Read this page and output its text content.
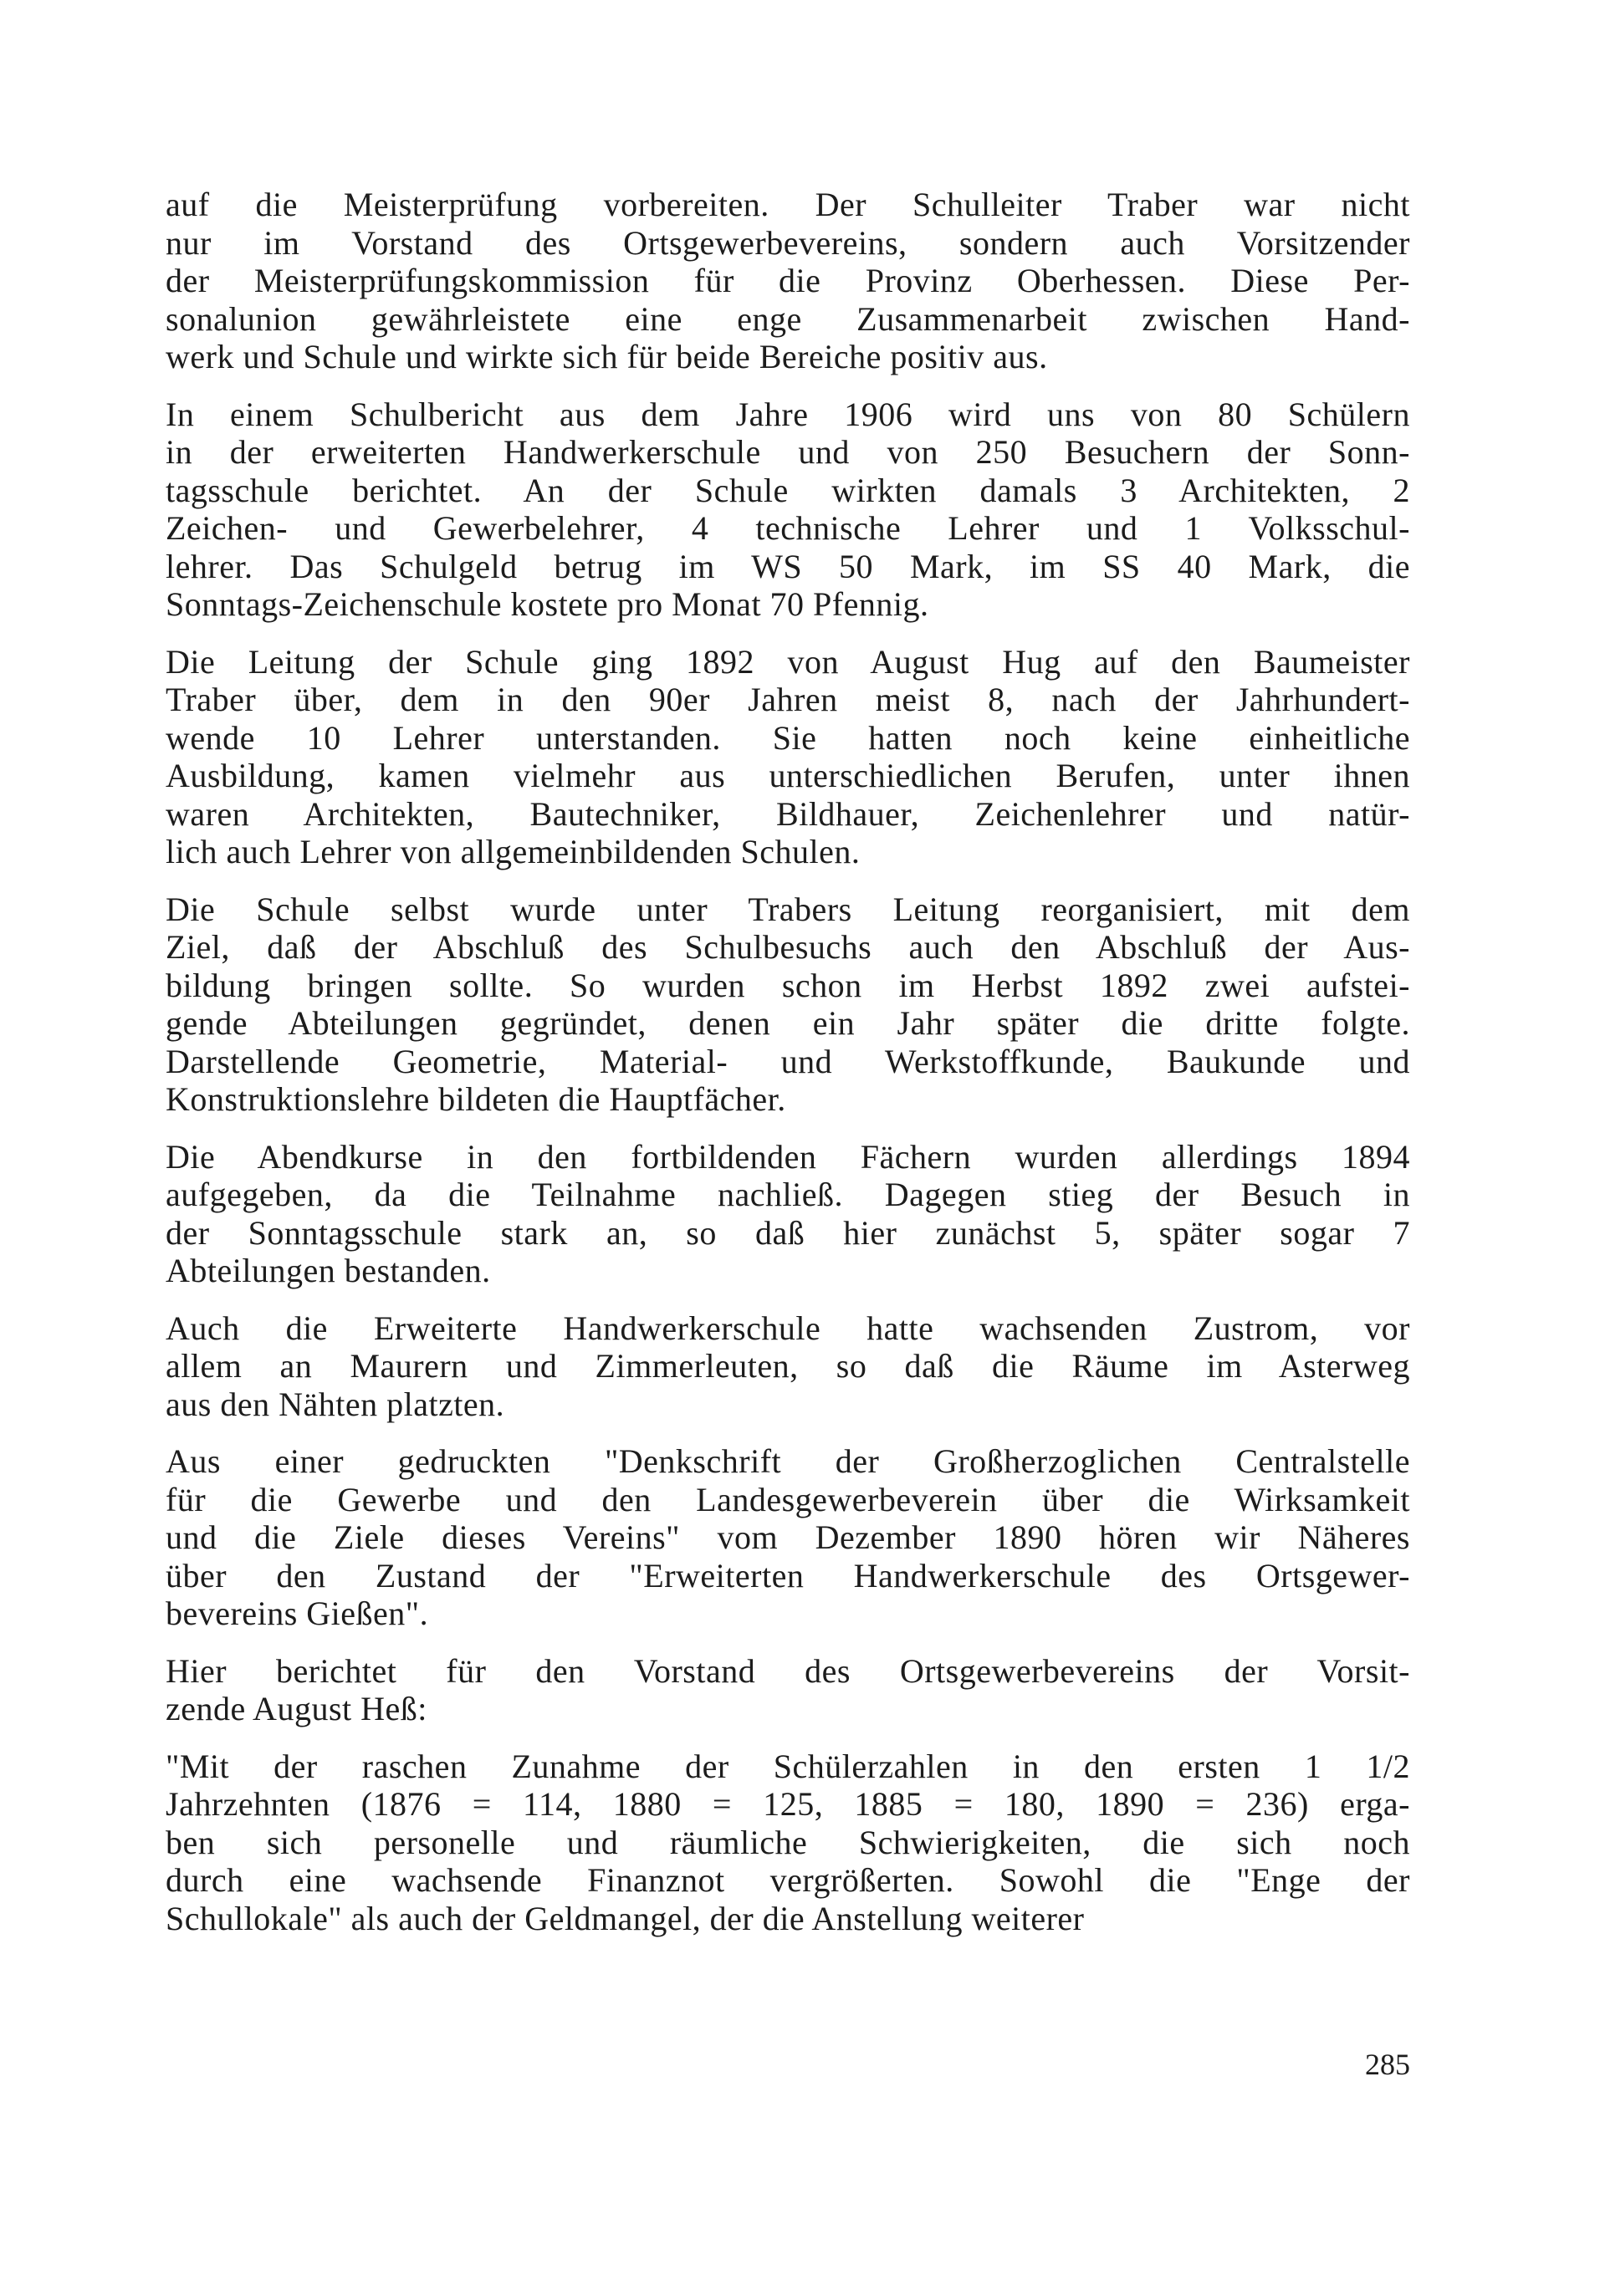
auf die Meisterprüfung vorbereiten. Der Schulleiter Traber war nicht
nur im Vorstand des Ortsgewerbevereins, sondern auch Vorsitzender
der Meisterprüfungskommission für die Provinz Oberhessen. Diese Per-
sonalunion gewährleistete eine enge Zusammenarbeit zwischen Hand-
werk und Schule und wirkte sich für beide Bereiche positiv aus.
In einem Schulbericht aus dem Jahre 1906 wird uns von 80 Schülern
in der erweiterten Handwerkerschule und von 250 Besuchern der Sonn-
tagsschule berichtet. An der Schule wirkten damals 3 Architekten, 2
Zeichen- und Gewerbelehrer, 4 technische Lehrer und 1 Volksschul-
lehrer. Das Schulgeld betrug im WS 50 Mark, im SS 40 Mark, die
Sonntags-Zeichenschule kostete pro Monat 70 Pfennig.
Die Leitung der Schule ging 1892 von August Hug auf den Baumeister
Traber über, dem in den 90er Jahren meist 8, nach der Jahrhundert-
wende 10 Lehrer unterstanden. Sie hatten noch keine einheitliche
Ausbildung, kamen vielmehr aus unterschiedlichen Berufen, unter ihnen
waren Architekten, Bautechniker, Bildhauer, Zeichenlehrer und natür-
lich auch Lehrer von allgemeinbildenden Schulen.
Die Schule selbst wurde unter Trabers Leitung reorganisiert, mit dem
Ziel, daß der Abschluß des Schulbesuchs auch den Abschluß der Aus-
bildung bringen sollte. So wurden schon im Herbst 1892 zwei aufstei-
gende Abteilungen gegründet, denen ein Jahr später die dritte folgte.
Darstellende Geometrie, Material- und Werkstoffkunde, Baukunde und
Konstruktionslehre bildeten die Hauptfächer.
Die Abendkurse in den fortbildenden Fächern wurden allerdings 1894
aufgegeben, da die Teilnahme nachließ. Dagegen stieg der Besuch in
der Sonntagsschule stark an, so daß hier zunächst 5, später sogar 7
Abteilungen bestanden.
Auch die Erweiterte Handwerkerschule hatte wachsenden Zustrom, vor
allem an Maurern und Zimmerleuten, so daß die Räume im Asterweg
aus den Nähten platzten.
Aus einer gedruckten "Denkschrift der Großherzoglichen Centralstelle
für die Gewerbe und den Landesgewerbeverein über die Wirksamkeit
und die Ziele dieses Vereins" vom Dezember 1890 hören wir Näheres
über den Zustand der "Erweiterten Handwerkerschule des Ortsgewer-
bevereins Gießen".
Hier berichtet für den Vorstand des Ortsgewerbevereins der Vorsit-
zende August Heß:
"Mit der raschen Zunahme der Schülerzahlen in den ersten 1 1/2
Jahrzehnten (1876 = 114, 1880 = 125, 1885 = 180, 1890 = 236) erga-
ben sich personelle und räumliche Schwierigkeiten, die sich noch
durch eine wachsende Finanznot vergrößerten. Sowohl die "Enge der
Schullokale" als auch der Geldmangel, der die Anstellung weiterer
285
